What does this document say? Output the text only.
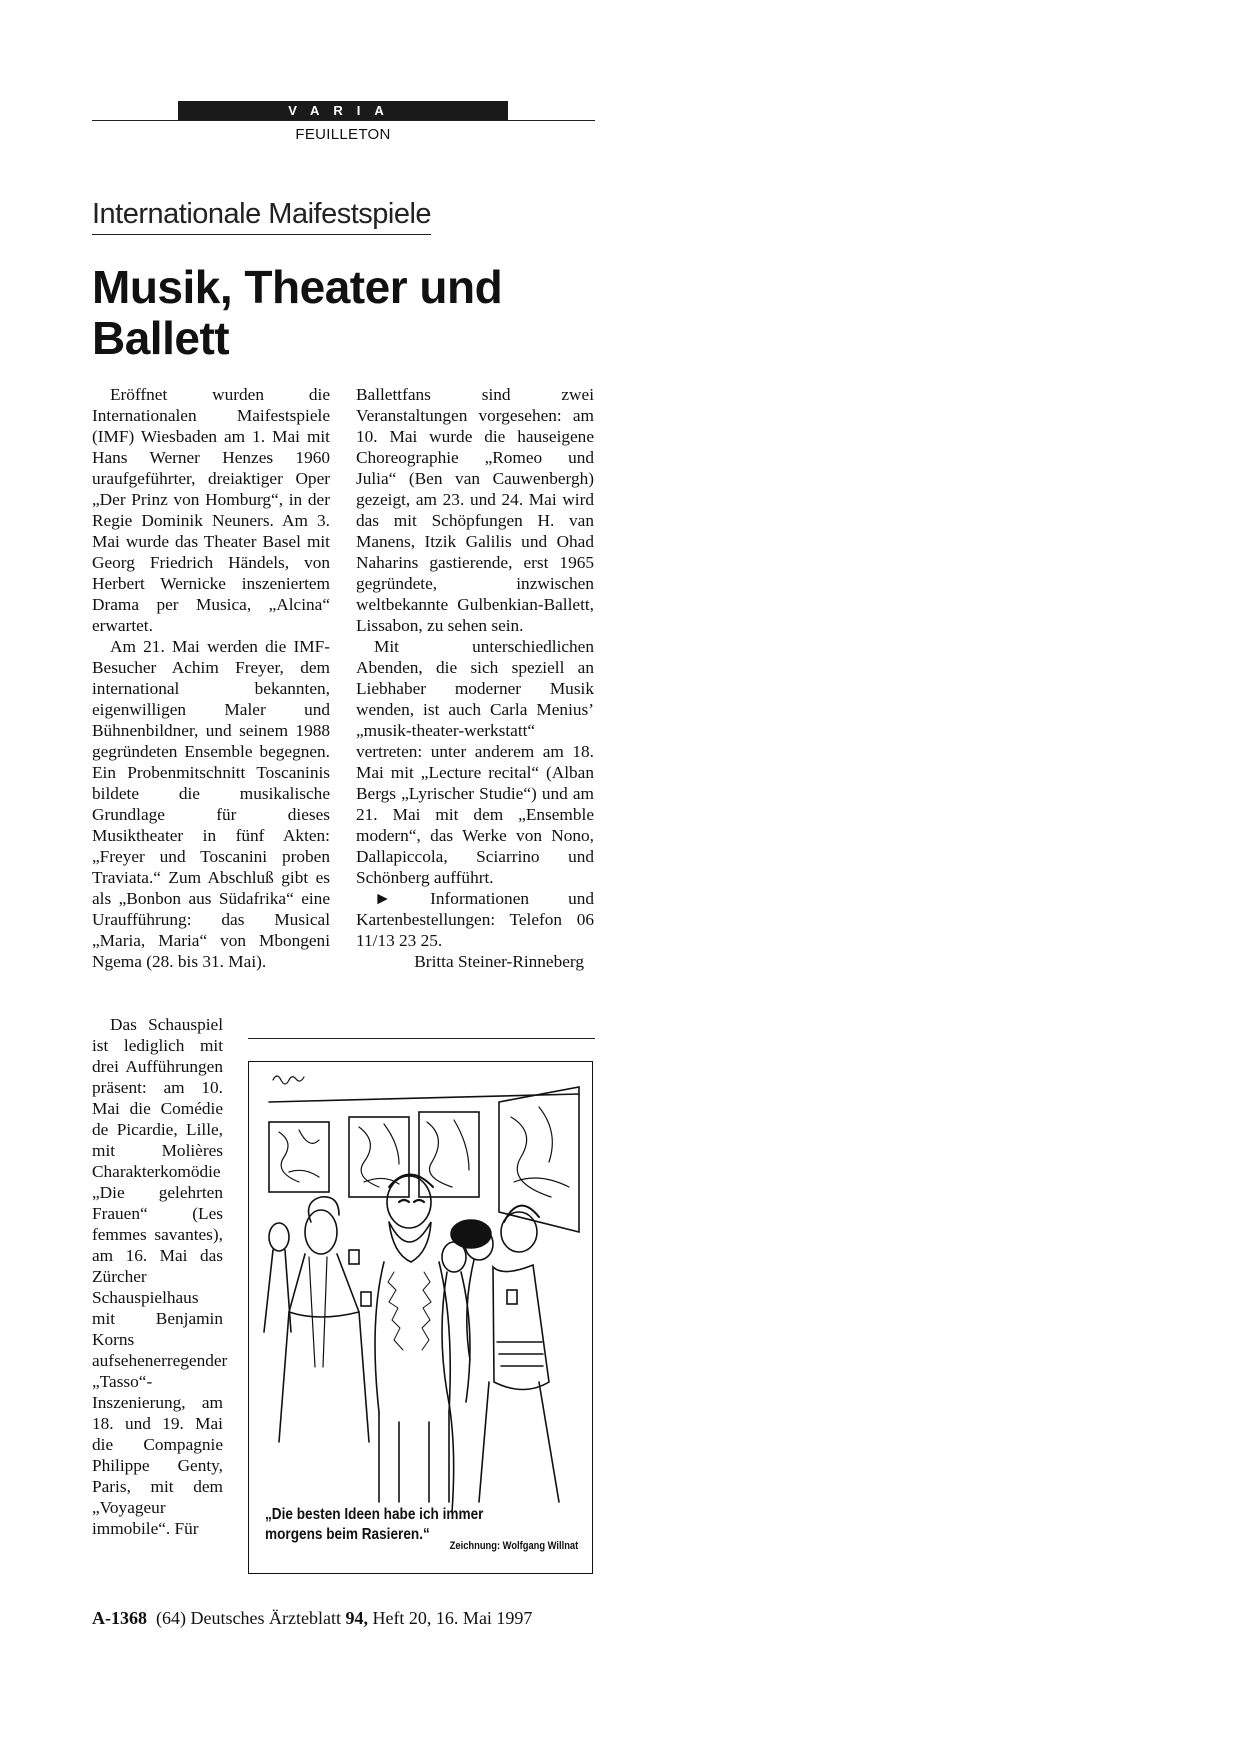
VARIA
FEUILLETON
Internationale Maifestspiele
Musik, Theater und
Ballett

Eröffnet wurden die Internationalen Maifestspiele (IMF) Wiesbaden am 1. Mai mit Hans Werner Henzes 1960 uraufgeführter, dreiaktiger Oper „Der Prinz von Homburg“, in der Regie Dominik Neuners. Am 3. Mai wurde das Theater Basel mit Georg Friedrich Händels, von Herbert Wernicke inszeniertem Drama per Musica, „Alcina“ erwartet.

Am 21. Mai werden die IMF-Besucher Achim Freyer, dem international bekannten, eigenwilligen Maler und Bühnenbildner, und seinem 1988 gegründeten Ensemble begegnen. Ein Probenmitschnitt Toscaninis bildete die musikalische Grundlage für dieses Musiktheater in fünf Akten: „Freyer und Toscanini proben Traviata.“ Zum Abschluß gibt es als „Bonbon aus Südafrika“ eine Uraufführung: das Musical „Maria, Maria“ von Mbongeni Ngema (28. bis 31. Mai).

Das Schauspiel ist lediglich mit drei Aufführungen präsent: am 10. Mai die Comédie de Picardie, Lille, mit Molières Charakterkomödie „Die gelehrten Frauen“ (Les femmes savantes), am 16. Mai das Zürcher Schauspielhaus mit Benjamin Korns aufsehenerregender „Tasso“-Inszenierung, am 18. und 19. Mai die Compagnie Philippe Genty, Paris, mit dem „Voyageur immobile“. Für

Ballettfans sind zwei Veranstaltungen vorgesehen: am 10. Mai wurde die hauseigene Choreographie „Romeo und Julia“ (Ben van Cauwenbergh) gezeigt, am 23. und 24. Mai wird das mit Schöpfungen H. van Manens, Itzik Galilis und Ohad Naharins gastierende, erst 1965 gegründete, inzwischen weltbekannte Gulbenkian-Ballett, Lissabon, zu sehen sein.

Mit unterschiedlichen Abenden, die sich speziell an Liebhaber moderner Musik wenden, ist auch Carla Menius’ „musik-theater-werkstatt“ vertreten: unter anderem am 18. Mai mit „Lecture recital“ (Alban Bergs „Lyrischer Studie“) und am 21. Mai mit dem „Ensemble modern“, das Werke von Nono, Dallapiccola, Sciarrino und Schönberg aufführt.

► Informationen und Kartenbestellungen: Telefon 06 11/13 23 25.

Britta Steiner-Rinneberg

„Die besten Ideen habe ich immer morgens beim Rasieren.“
Zeichnung: Wolfgang Willnat
A-1368 (64) Deutsches Ärzteblatt 94, Heft 20, 16. Mai 1997
